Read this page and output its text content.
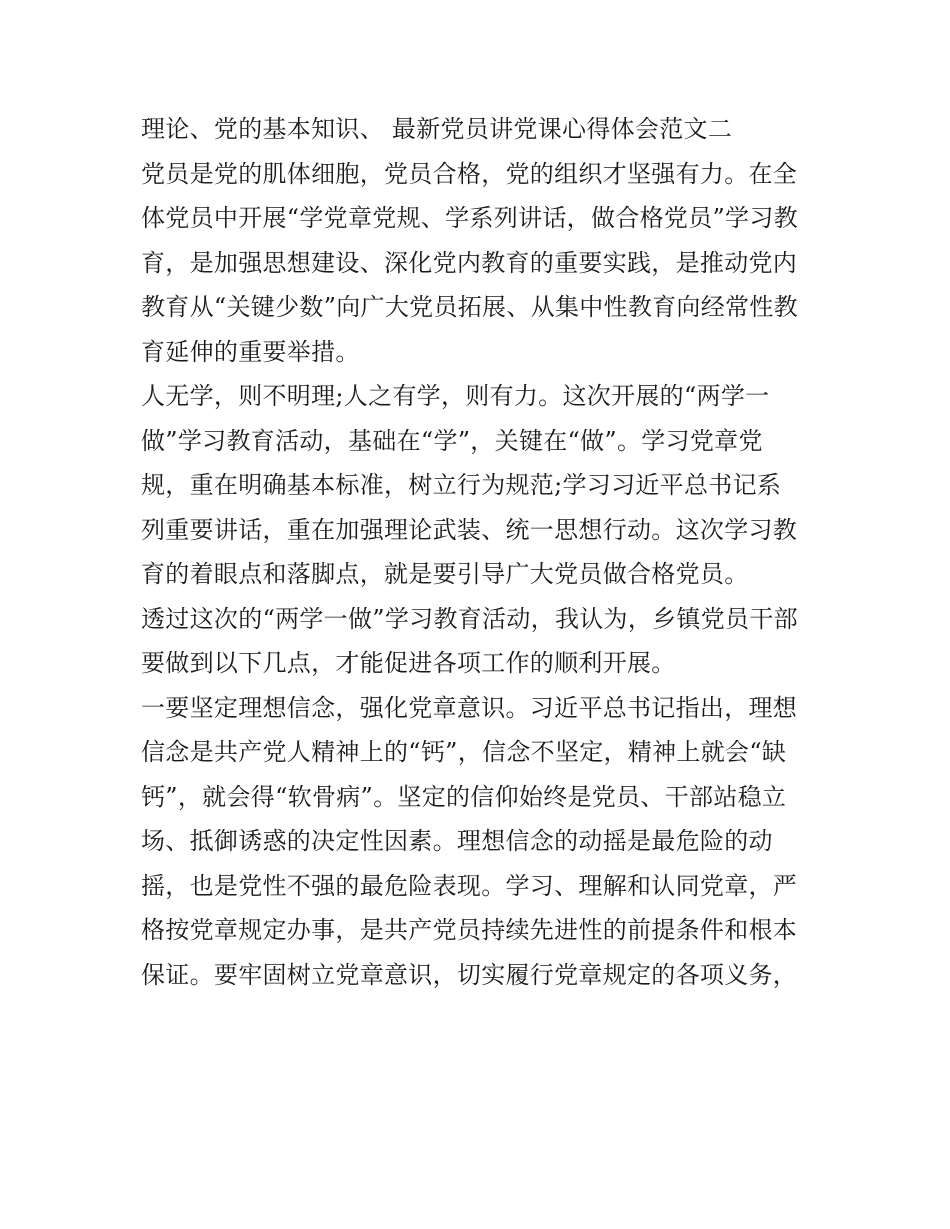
理论、党的基本知识、 最新党员讲党课心得体会范文二
党员是党的肌体细胞，党员合格，党的组织才坚强有力。在全
体党员中开展“学党章党规、学系列讲话，做合格党员”学习教
育，是加强思想建设、深化党内教育的重要实践，是推动党内
教育从“关键少数”向广大党员拓展、从集中性教育向经常性教
育延伸的重要举措。
人无学，则不明理;人之有学，则有力。这次开展的“两学一
做”学习教育活动，基础在“学”，关键在“做”。学习党章党
规，重在明确基本标准，树立行为规范;学习习近平总书记系
列重要讲话，重在加强理论武装、统一思想行动。这次学习教
育的着眼点和落脚点，就是要引导广大党员做合格党员。
透过这次的“两学一做”学习教育活动，我认为，乡镇党员干部
要做到以下几点，才能促进各项工作的顺利开展。
一要坚定理想信念，强化党章意识。习近平总书记指出，理想
信念是共产党人精神上的“钙”，信念不坚定，精神上就会“缺
钙”，就会得“软骨病”。坚定的信仰始终是党员、干部站稳立
场、抵御诱惑的决定性因素。理想信念的动摇是最危险的动
摇，也是党性不强的最危险表现。学习、理解和认同党章，严
格按党章规定办事，是共产党员持续先进性的前提条件和根本
保证。要牢固树立党章意识，切实履行党章规定的各项义务，
